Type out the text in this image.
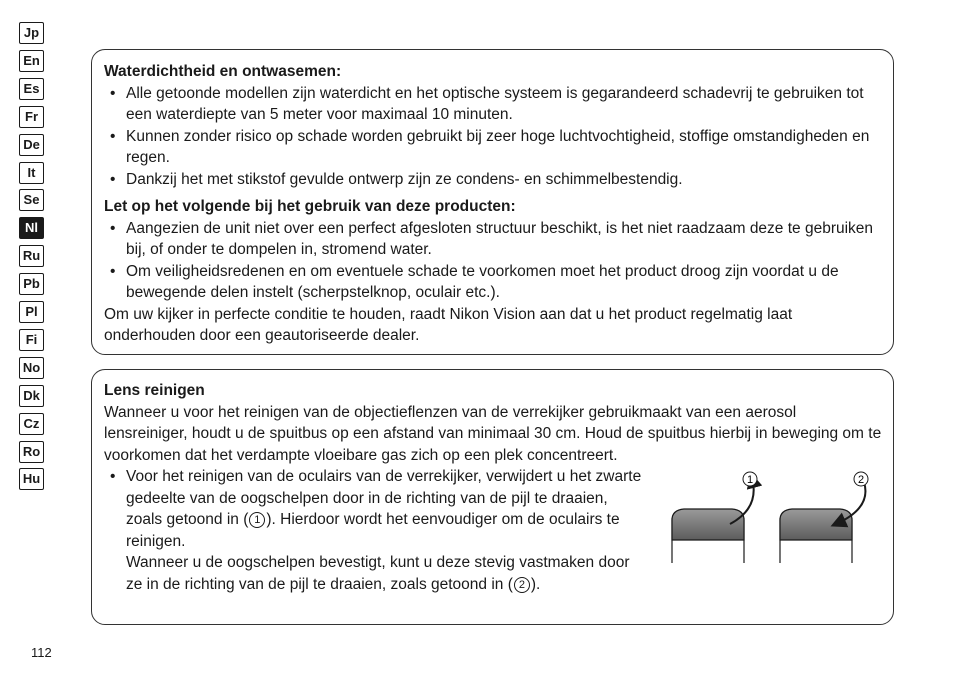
Jp
En
Es
Fr
De
It
Se
Nl
Ru
Pb
Pl
Fi
No
Dk
Cz
Ro
Hu

Waterdichtheid en ontwasemen:

• Alle getoonde modellen zijn waterdicht en het optische systeem is gegarandeerd schadevrij te gebruiken tot een waterdiepte van 5 meter voor maximaal 10 minuten.
• Kunnen zonder risico op schade worden gebruikt bij zeer hoge luchtvochtigheid, stoffige omstandigheden en regen.
• Dankzij het met stikstof gevulde ontwerp zijn ze condens- en schimmelbestendig.

Let op het volgende bij het gebruik van deze producten:

• Aangezien de unit niet over een perfect afgesloten structuur beschikt, is het niet raadzaam deze te gebruiken bij, of onder te dompelen in, stromend water.
• Om veiligheidsredenen en om eventuele schade te voorkomen moet het product droog zijn voordat u de bewegende delen instelt (scherpstelknop, oculair etc.).

Om uw kijker in perfecte conditie te houden, raadt Nikon Vision aan dat u het product regelmatig laat onderhouden door een geautoriseerde dealer.

Lens reinigen

Wanneer u voor het reinigen van de objectieflenzen van de verrekijker gebruikmaakt van een aerosol lensreiniger, houdt u de spuitbus op een afstand van minimaal 30 cm. Houd de spuitbus hierbij in beweging om te voorkomen dat het verdampte vloeibare gas zich op een plek concentreert.

• Voor het reinigen van de oculairs van de verrekijker, verwijdert u het zwarte gedeelte van de oogschelpen door in de richting van de pijl te draaien, zoals getoond in ( 1 ). Hierdoor wordt het eenvoudiger om de oculairs te reinigen.
Wanneer u de oogschelpen bevestigt, kunt u deze stevig vastmaken door ze in de richting van de pijl te draaien, zoals getoond in ( 2 ).
1	2
112
